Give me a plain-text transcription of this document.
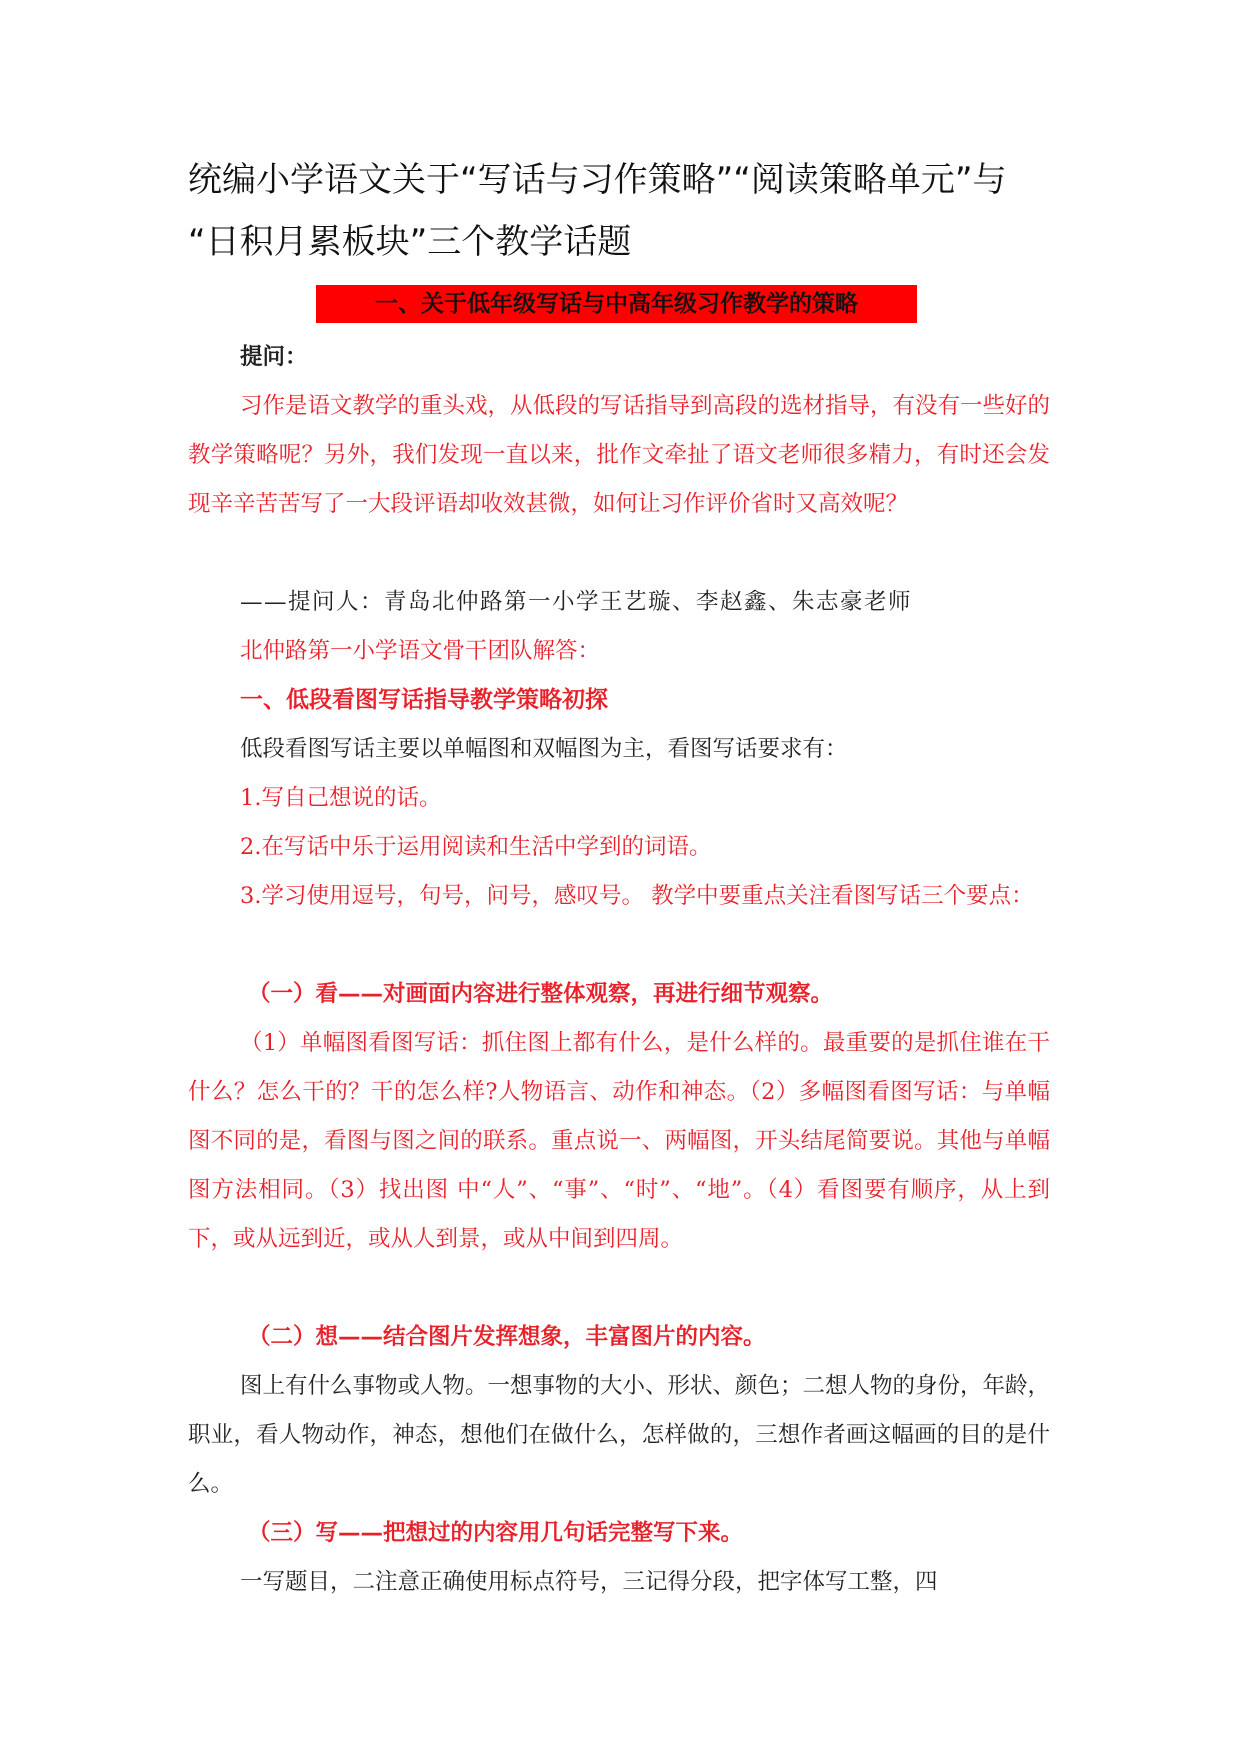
统编小学语文关于“写话与习作策略”“阅读策略单元”与
“日积月累板块”三个教学话题
一、关于低年级写话与中高年级习作教学的策略
提问：
习作是语文教学的重头戏，从低段的写话指导到高段的选材指导，有没有一些好的教学策略呢？另外，我们发现一直以来，批作文牵扯了语文老师很多精力，有时还会发现辛辛苦苦写了一大段评语却收效甚微，如何让习作评价省时又高效呢？
——提问人：青岛北仲路第一小学王艺璇、李赵鑫、朱志豪老师
北仲路第一小学语文骨干团队解答：
一、低段看图写话指导教学策略初探
低段看图写话主要以单幅图和双幅图为主，看图写话要求有：
1.写自己想说的话。
2.在写话中乐于运用阅读和生活中学到的词语。
3.学习使用逗号，句号，问号，感叹号。 教学中要重点关注看图写话三个要点：
（一）看——对画面内容进行整体观察，再进行细节观察。
（1）单幅图看图写话：抓住图上都有什么，是什么样的。最重要的是抓住谁在干什么？怎么干的？干的怎么样?人物语言、动作和神态。（2）多幅图看图写话：与单幅图不同的是，看图与图之间的联系。重点说一、两幅图，开头结尾简要说。其他与单幅图方法相同。（3）找出图 中“人”、“事”、“时”、“地”。（4）看图要有顺序，从上到下，或从远到近，或从人到景，或从中间到四周。
（二）想——结合图片发挥想象，丰富图片的内容。
图上有什么事物或人物。一想事物的大小、形状、颜色；二想人物的身份，年龄，职业，看人物动作，神态，想他们在做什么，怎样做的，三想作者画这幅画的目的是什么。
（三）写——把想过的内容用几句话完整写下来。
一写题目，二注意正确使用标点符号，三记得分段，把字体写工整，四
